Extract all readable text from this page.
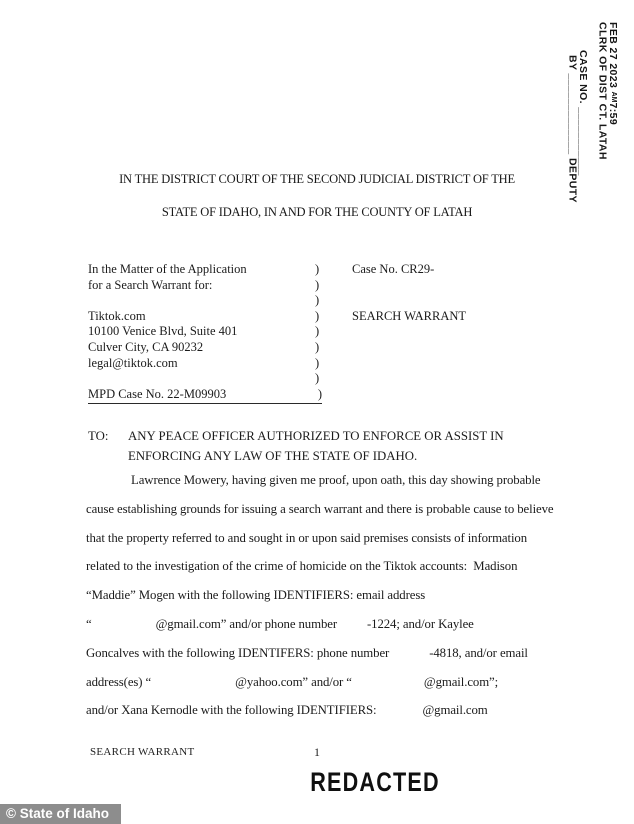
FEB 27 2023 AM7:59
CLRK OF DIST CT. LATAH
CASE NO. ___________
BY _____________ DEPUTY
IN THE DISTRICT COURT OF THE SECOND JUDICIAL DISTRICT OF THE
STATE OF IDAHO, IN AND FOR THE COUNTY OF LATAH
In the Matter of the Application	)	Case No. CR29-
for a Search Warrant for:	)
)
Tiktok.com	)	SEARCH WARRANT
10100 Venice Blvd, Suite 401	)
Culver City, CA 90232	)
legal@tiktok.com	)
)
MPD Case No. 22-M09903	)
TO:	ANY PEACE OFFICER AUTHORIZED TO ENFORCE OR ASSIST IN
ENFORCING ANY LAW OF THE STATE OF IDAHO.
Lawrence Mowery, having given me proof, upon oath, this day showing probable
cause establishing grounds for issuing a search warrant and there is probable cause to believe
that the property referred to and sought in or upon said premises consists of information
related to the investigation of the crime of homicide on the Tiktok accounts:  Madison
“Maddie” Mogen with the following IDENTIFIERS: email address
“	@gmail.com” and/or phone number -1224; and/or Kaylee
Goncalves with the following IDENTIFERS: phone number	-4818, and/or email
address(es) “	@yahoo.com” and/or “	@gmail.com”;
and/or Xana Kernodle with the following IDENTIFIERS:	@gmail.com
SEARCH WARRANT	1
REDACTED
© State of Idaho
